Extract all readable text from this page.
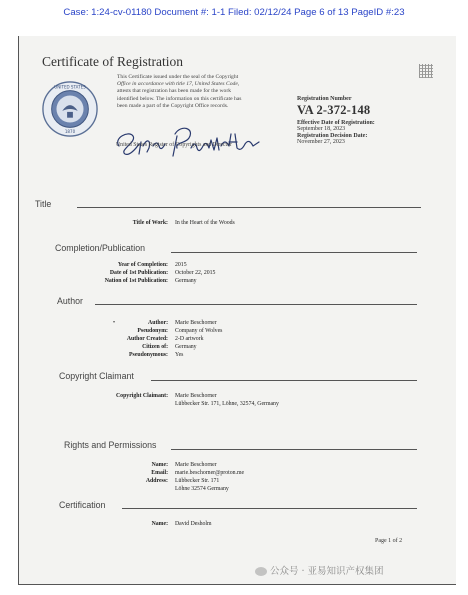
Case: 1:24-cv-01180 Document #: 1-1 Filed: 02/12/24 Page 6 of 13 PageID #:23
Certificate of Registration
UNITED STATES
1870
This Certificate issued under the seal of the Copyright
Office in accordance with title 17, United States Code,
attests that registration has been made for the work
identified below. The information on this certificate has
been made a part of the Copyright Office records.
United States Register of Copyrights and Director
Registration Number
VA 2-372-148
Effective Date of Registration:
September 18, 2023
Registration Decision Date:
November 27, 2023
Title
Title of Work: In the Heart of the Woods
Completion/Publication
Year of Completion: 2015
Date of 1st Publication: October 22, 2015
Nation of 1st Publication: Germany
Author
•	Author: Marie Beschorner
Pseudonym: Company of Wolves
Author Created: 2-D artwork
Citizen of: Germany
Pseudonymous: Yes
Copyright Claimant
Copyright Claimant: Marie Beschorner
Lübbecker Str. 171, Löhne, 32574, Germany
Rights and Permissions
Name: Marie Beschorner
Email: marie.beschorner@proton.me
Address: Lübbecker Str. 171
Löhne 32574 Germany
Certification
Name: David Desholm
Page 1 of 2
公众号 · 亚易知识产权集团
